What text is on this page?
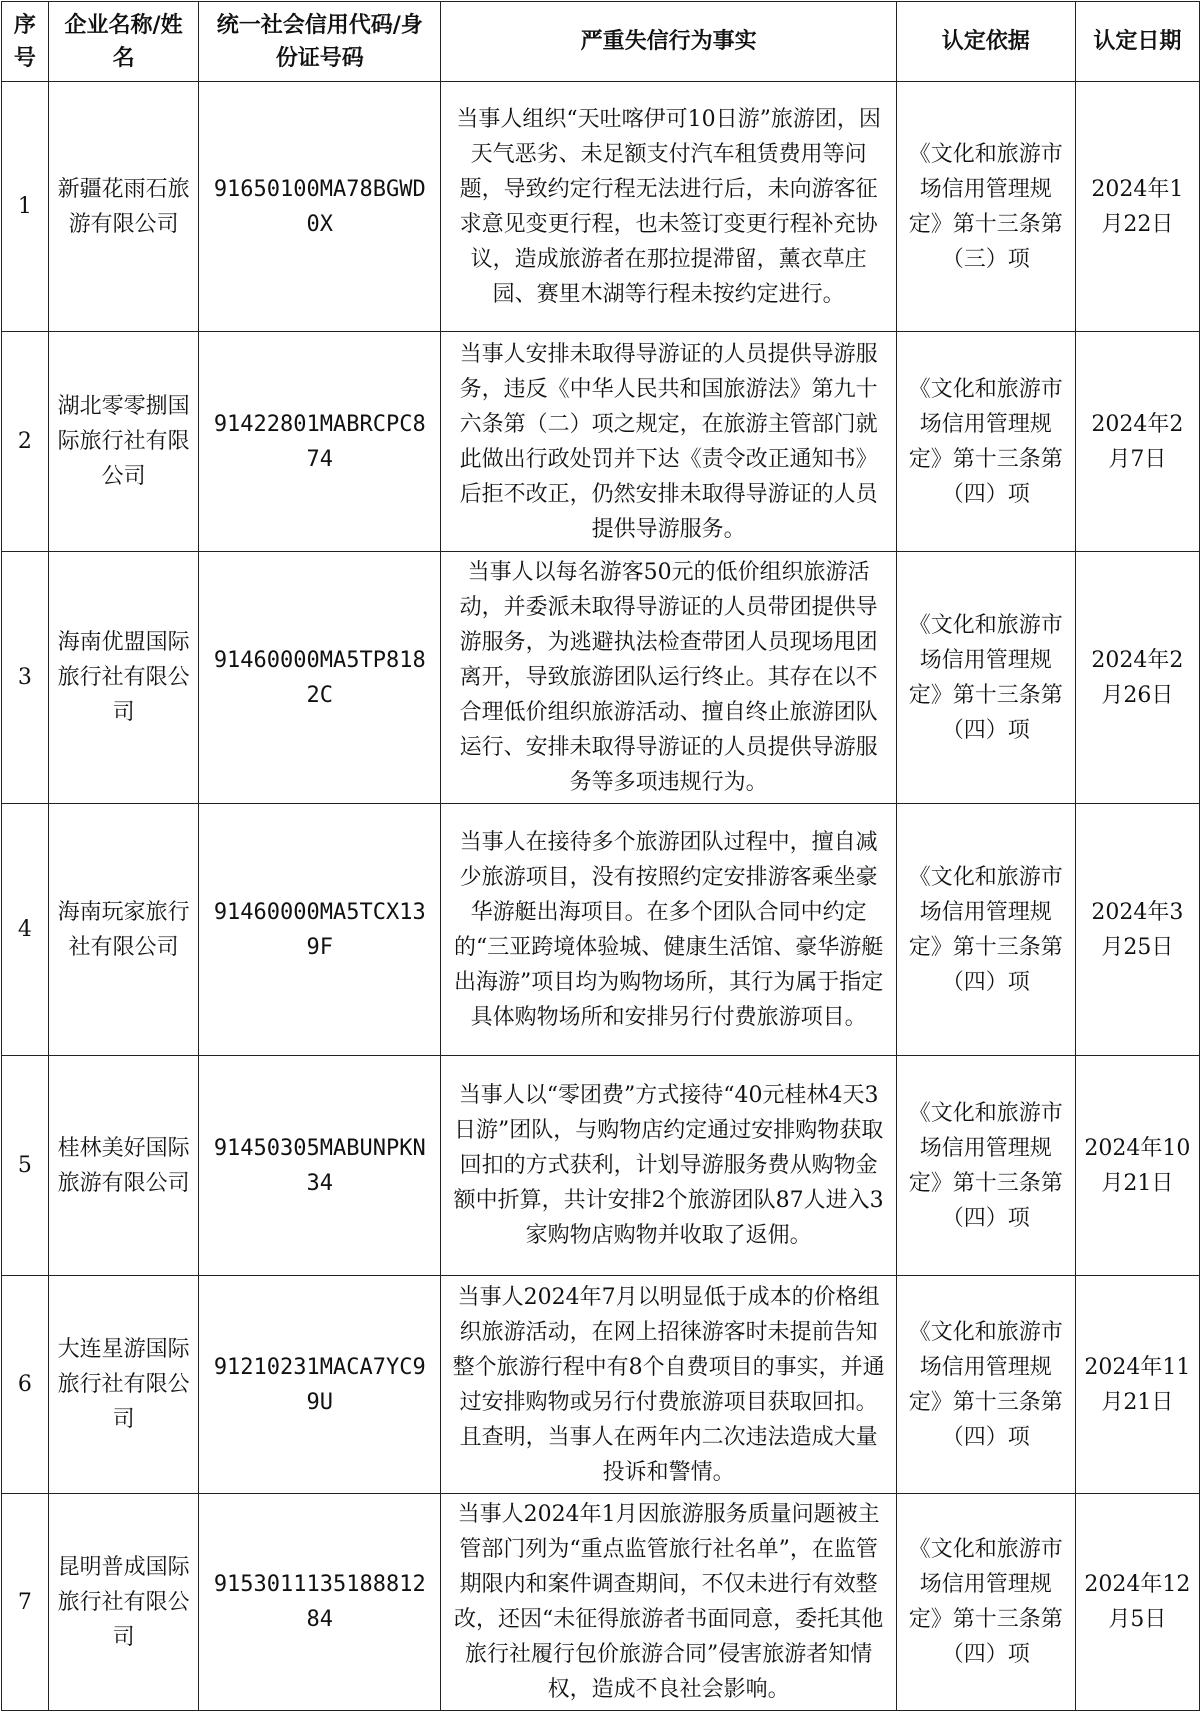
序号	企业名称/姓名	统一社会信用代码/身份证号码	严重失信行为事实	认定依据	认定日期
1	新疆花雨石旅游有限公司	91650100MA78BGWD0X	当事人组织“天吐喀伊可10日游”旅游团，因天气恶劣、未足额支付汽车租赁费用等问题，导致约定行程无法进行后，未向游客征求意见变更行程，也未签订变更行程补充协议，造成旅游者在那拉提滞留，薰衣草庄园、赛里木湖等行程未按约定进行。	《文化和旅游市场信用管理规定》第十三条第（三）项	2024年1月22日
2	湖北零零捌国际旅行社有限公司	91422801MABRCPC874	当事人安排未取得导游证的人员提供导游服务，违反《中华人民共和国旅游法》第九十六条第（二）项之规定，在旅游主管部门就此做出行政处罚并下达《责令改正通知书》后拒不改正，仍然安排未取得导游证的人员提供导游服务。	《文化和旅游市场信用管理规定》第十三条第（四）项	2024年2月7日
3	海南优盟国际旅行社有限公司	91460000MA5TP8182C	当事人以每名游客50元的低价组织旅游活动，并委派未取得导游证的人员带团提供导游服务，为逃避执法检查带团人员现场甩团离开，导致旅游团队运行终止。其存在以不合理低价组织旅游活动、擅自终止旅游团队运行、安排未取得导游证的人员提供导游服务等多项违规行为。	《文化和旅游市场信用管理规定》第十三条第（四）项	2024年2月26日
4	海南玩家旅行社有限公司	91460000MA5TCX139F	当事人在接待多个旅游团队过程中，擅自减少旅游项目，没有按照约定安排游客乘坐豪华游艇出海项目。在多个团队合同中约定的“三亚跨境体验城、健康生活馆、豪华游艇出海游”项目均为购物场所，其行为属于指定具体购物场所和安排另行付费旅游项目。	《文化和旅游市场信用管理规定》第十三条第（四）项	2024年3月25日
5	桂林美好国际旅游有限公司	91450305MABUNPKN34	当事人以“零团费”方式接待“40元桂林4天3日游”团队，与购物店约定通过安排购物获取回扣的方式获利，计划导游服务费从购物金额中折算，共计安排2个旅游团队87人进入3家购物店购物并收取了返佣。	《文化和旅游市场信用管理规定》第十三条第（四）项	2024年10月21日
6	大连星游国际旅行社有限公司	91210231MACA7YC99U	当事人2024年7月以明显低于成本的价格组织旅游活动，在网上招徕游客时未提前告知整个旅游行程中有8个自费项目的事实，并通过安排购物或另行付费旅游项目获取回扣。且查明，当事人在两年内二次违法造成大量投诉和警情。	《文化和旅游市场信用管理规定》第十三条第（四）项	2024年11月21日
7	昆明普成国际旅行社有限公司	915301113518881284	当事人2024年1月因旅游服务质量问题被主管部门列为“重点监管旅行社名单”，在监管期限内和案件调查期间，不仅未进行有效整改，还因“未征得旅游者书面同意，委托其他旅行社履行包价旅游合同”侵害旅游者知情权，造成不良社会影响。	《文化和旅游市场信用管理规定》第十三条第（四）项	2024年12月5日
